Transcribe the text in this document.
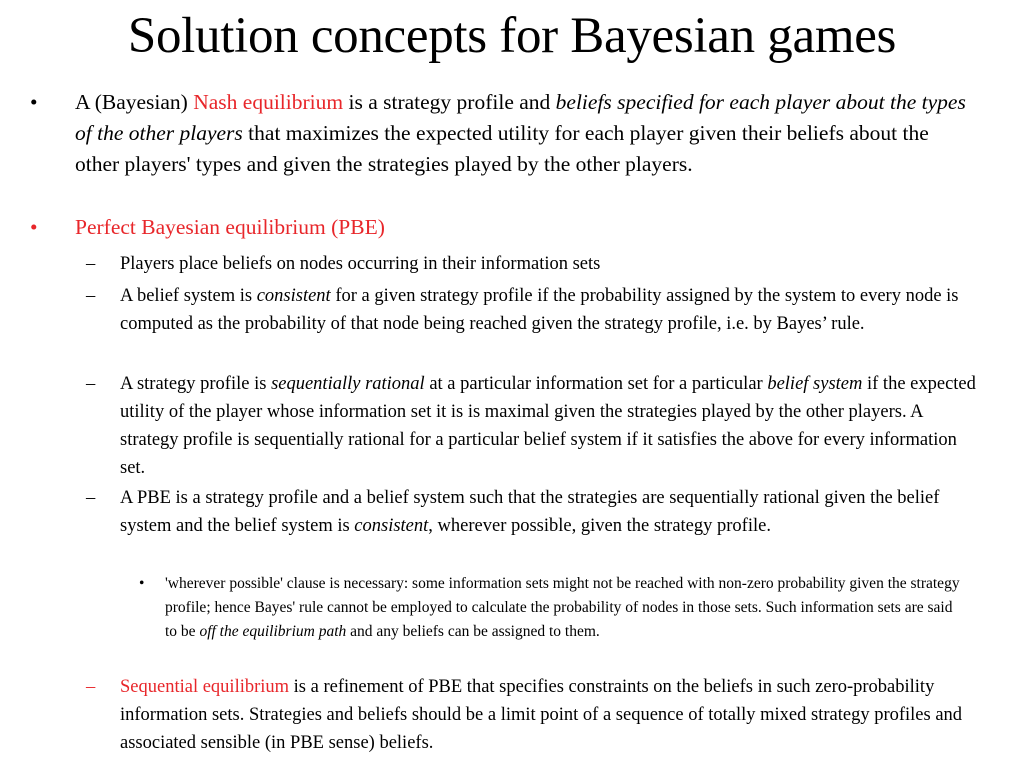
Solution concepts for Bayesian games
• A (Bayesian) Nash equilibrium is a strategy profile and beliefs specified for each player about the types of the other players that maximizes the expected utility for each player given their beliefs about the other players' types and given the strategies played by the other players.

• Perfect Bayesian equilibrium (PBE)

– Players place beliefs on nodes occurring in their information sets

– A belief system is consistent for a given strategy profile if the probability assigned by the system to every node is computed as the probability of that node being reached given the strategy profile, i.e. by Bayes’ rule.

– A strategy profile is sequentially rational at a particular information set for a particular belief system if the expected utility of the player whose information set it is is maximal given the strategies played by the other players. A strategy profile is sequentially rational for a particular belief system if it satisfies the above for every information set.

– A PBE is a strategy profile and a belief system such that the strategies are sequentially rational given the belief system and the belief system is consistent, wherever possible, given the strategy profile.

• 'wherever possible' clause is necessary: some information sets might not be reached with non-zero probability given the strategy profile; hence Bayes' rule cannot be employed to calculate the probability of nodes in those sets. Such information sets are said to be off the equilibrium path and any beliefs can be assigned to them.

– Sequential equilibrium is a refinement of PBE that specifies constraints on the beliefs in such zero-probability information sets. Strategies and beliefs should be a limit point of a sequence of totally mixed strategy profiles and associated sensible (in PBE sense) beliefs.
